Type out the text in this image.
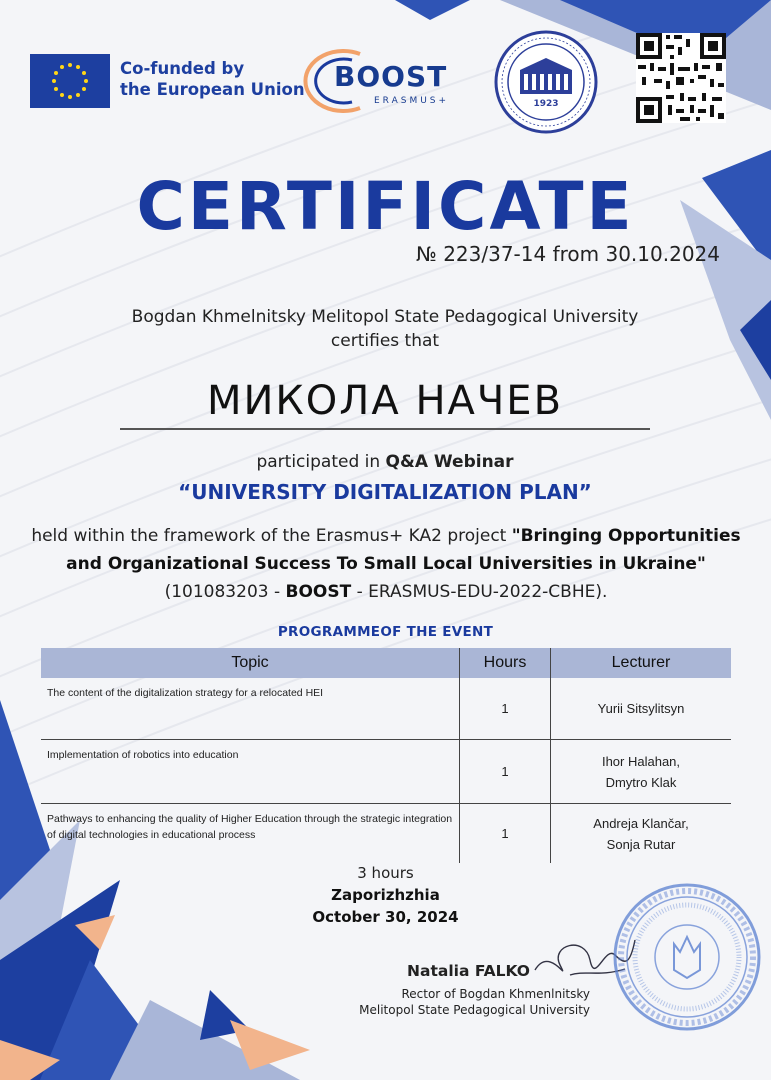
Co-funded by
the European Union BOOST
ERASMUS+	1923
CERTIFICATE
№ 223/37-14 from 30.10.2024
Bogdan Khmelnitsky Melitopol State Pedagogical University
certifies that
МИКОЛА НАЧЕВ
participated in Q&A Webinar
“UNIVERSITY DIGITALIZATION PLAN”
held within the framework of the Erasmus+ KA2 project "Bringing Opportunities and Organizational Success To Small Local Universities in Ukraine" (101083203 - BOOST - ERASMUS-EDU-2022-CBHE).
PROGRAMMEOF THE EVENT
Topic	Hours	Lecturer
The content of the digitalization strategy for a relocated HEI	1	Yurii Sitsylitsyn

Implementation of robotics into education	1	Ihor Halahan,
Dmytro Klak

Pathways to enhancing the quality of Higher Education through the strategic integration of digital technologies in educational process	1	Andreja Klančar,
Sonja Rutar
3 hours
Zaporizhzhia
October 30, 2024
Natalia FALKO
Rector of Bogdan Khmenlnitsky
Melitopol State Pedagogical University
